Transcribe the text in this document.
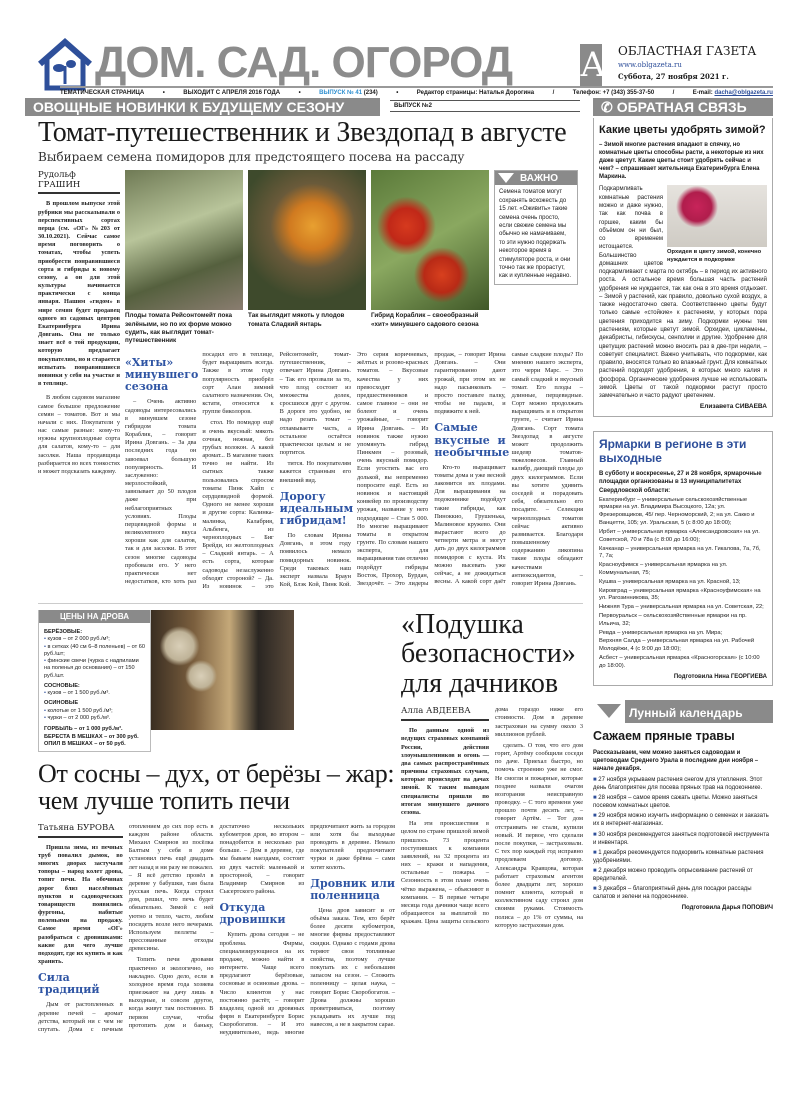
ДОМ. САД. ОГОРОД А ОБЛАСТНАЯ ГАЗЕТА
www.oblgazeta.ru
Суббота, 27 ноября 2021 г.
ТЕМАТИЧЕСКАЯ СТРАНИЦА	•	ВЫХОДИТ С АПРЕЛЯ 2016 ГОДА	•	ВЫПУСК № 41 (234)	•	Редактор страницы: Наталья Дорогина	/	Телефон: +7 (343) 355-37-50	/	E-mail: dacha@oblgazeta.ru
ОВОЩНЫЕ НОВИНКИ К БУДУЩЕМУ СЕЗОНУ	ВЫПУСК №2	✆ ОБРАТНАЯ СВЯЗЬ
Томат-путешественник и Звездопад в августе
Выбираем семена помидоров для предстоящего посева на рассаду
Рудольф ГРАШИН

В прошлом выпуске этой рубрики мы рассказывали о перспективных сортах перца (см. «ОГ» №203 от 30.10.2021). Сейчас самое время поговорить о томатах, чтобы успеть приобрести понравившиеся сорта и гибриды к новому сезону, а он для этой культуры начинается практически с конца января. Нашим «гидом» в мире семян будет продавец одного из садовых центров Екатеринбурга Ирина Довгань. Она не только знает всё о той продукции, которую предлагает покупателям, но и старается испытать понравившиеся новинки у себя на участке и в теплице.

В любом садовом магазине самое большое предложение семян – томатов. Вот и мы начали с них. Покупатели у нас самые разные: кому-то нужны крупноплодные сорта для салатов, кому-то – для засолки. Наша продавщица разбирается во всех тонкостях и может подсказать каждому.

Плоды томата Рейсонтомейт пока зелёными, но по их форме можно судить, как выглядит томат-путешественник
Так выглядит мякоть у плодов томата Сладкий янтарь
Гибрид Кораблик – своеобразный «хит» минувшего садового сезона
ВАЖНО
Семена томатов могут сохранять всхожесть до 15 лет. «Оживить» такие семена очень просто, если свежие семена мы обычно не намачиваем, то эти нужно подержать некоторое время в стимуляторе роста, и они точно так же прорастут, как и купленные недавно.
«Хиты» минувшего сезона

– Очень активно садоводы интересовались в минувшем сезоне гибридом томата Кораблик, – говорит Ирина Довгань. – За два последних года он завоевал большую популярность. И заслуженно: мерзлостойкий, завязывает до 50 плодов даже при неблагоприятных условиях. Плоды перцевидной формы и великолепного вкуса хороши как для салатов, так и для засолки. В этот сезон многие садоводы пробовали его. У него практически нет недостатков, кто хоть раз посадил его в теплице, будет выращивать всегда. Также в этом году популярность приобрёл сорт Алан зимний салатного назначения. Он, кстати, относится к группе биколоров.

стол. Но помидор ещё и очень вкусный: мякоть сочная, нежная, без грубых волокон. А какой аромат... В магазине таких точно не найти. Из сытных также пользовались спросом томаты Пинк Хайп с сердцевидной формой. Одного не менее хороши и другие сорта: Калинка-малинка, Калабрия, Альбенга, из черноплодных – Биг Брейди, из желтоплодных – Сладкий янтарь. – А есть сорта, которые садоводы незаслуженно обходят стороной? – Да. Из новинок – это Рейсонтомейт, томат-путешественник, – отвечает Ирина Довгань. – Так его прозвали за то, что плод состоит из множества долек, сросшихся друг с другом. В дороге это удобно, не надо резать томат – отламываете часть, а остальное остаётся практически целым и не портится.

тится. Но покупателям кажется странным его внешний вид.

Дорогу идеальным гибридам!

По словам Ирины Довгань, в этом году появилось немало помидорных новинок. Среди таковых наш эксперт назвала Браун Кой, Блэк Кой, Пинк Кой. Это серия коричневых, жёлтых и розово-красных томатов. – Вкусовые качества у них превосходят предшественников и самое главное – они не болеют и очень урожайные, – говорит Ирина Довгань. – Из новинок также нужно упомянуть гибрид Пинкмен – розовый, очень вкусный помидор. Если угостить вас его долькой, вы непременно попросите ещё. Есть из новинок и настоящий конвейер по производству урожая, название у него подходящее – Стан 5 000. Но многие выращивают томаты в открытом грунте. По словам нашего эксперта, для выращивания там отлично подойдут гибриды Восток, Прохор, Бурдан, Звездочёт. – Это лидеры продаж, – говорит Ирина Довгань. – Они гарантированно дают урожай, при этом их не надо пасынковать – просто поставьте палку, чтобы не падали, и подвяжите к ней.

Самые вкусные и необычные

Кто-то выращивает томаты дома и уже весной лакомится их плодами. Для выращивания на подоконнике подойдут такие гибриды, как Пиноккио, Грушенька, Малиновое кружево. Они вырастают всего до четверти метра и могут дать до двух килограммов помидоров с куста. Их можно высевать уже сейчас, а не дожидаться весны. А какой сорт даёт самые сладкие плоды? По мнению нашего эксперта, это черри Марс. – Это самый сладкий и вкусный томат. Его плоды – длинные, перцевидные. Сорт можно продолжать выращивать и в открытом грунте, – считает Ирина Довгань. Сорт томата Звездопад в августе может продолжить шедевр томатов-тяжеловесов. Главный калибр, дающий плоды до двух килограммов. Если вы хотите удивить соседей и порадовать себя, обязательно его посадите. – Селекция черноплодных томатов сейчас активно развивается. Благодаря повышенному содержанию ликопина такие плоды обладают качествами антиоксидантов, – говорит Ирина Довгань.

ЦЕНЫ НА ДРОВА
БЕРЁЗОВЫЕ:
• кузов – от 2 000 руб./м³;
• в сетках (40 см 6–8 поленьев) – от 60 руб./шт;
• финские свечи (чурка с надпилами на поленья до основания) – от 150 руб./шт.
СОСНОВЫЕ:
• кузов – от 1 500 руб./м³.
ОСИНОВЫЕ
• колотые от 1 500 руб./м³;
• чурки – от 2 000 руб./м³.
ГОРБЫЛЬ – от 1 000 руб./м³.
БЕРЕСТА В МЕШКАХ – от 300 руб.
ОПИЛ В МЕШКАХ – от 50 руб.
От сосны – дух, от берёзы – жар: чем лучше топить печи
Татьяна БУРОВА

Пришла зима, из печных труб повалил дымок, во многих дворах застучали топоры – народ колет дрова, топит печи. На обочинах дорог близ населённых пунктов и садоводческих товариществ появились фургоны, набитые поленьями на продажу. Самое время «ОГ» разобраться с дровишками: какие для чего лучше подходят, где их купить и как хранить.

Сила традиций

Дым от растопленных в деревне печей – аромат детства, который ни с чем не спутать. Дома с печным отоплением до сих пор есть в каждом районе области. Михаил Смирнов из посёлка Балтым у себя в доме установил печь ещё двадцать лет назад и ни разу не пожалел. – Я всё детство провёл в деревне у бабушки, там была русская печь. Когда строил дом, решил, что печь будет обязательно. Зимой с ней уютно и тепло, часто, любим посидеть возле него вечерами. Используем пеллеты – прессованные отходы древесины.

Топить печи дровами практично и экологично, но накладно. Одно дело, если в холодное время года хозяева приезжают на дачу лишь в выходные, и совсем другое, когда живут там постоянно. В первом случае, чтобы протопить дом и баньку, достаточно нескольких кубометров дров, во втором – понадобится в несколько раз больше. – Дом в деревне, где мы бываем наездами, состоит из двух частей: маленькой и просторной, – говорит Владимир Смирнов из Сысертского района.

Откуда дровишки

Купить дрова сегодня – не проблема. Фирмы, специализирующиеся на их продаже, можно найти в интернете. Чаще всего предлагают берёзовые, сосновые и осиновые дрова. – Число клиентов у нас постоянно растёт, – говорит владелец одной из дровяных фирм в Екатеринбурге Борис Скоробогатов. – И это неудивительно, ведь многие предпочитают жить за городом или хотя бы выходные проводить в деревне. Немало покупателей предпочитают чурки и даже брёвна – сами хотят колоть.

Дровник или поленница

Цена дров зависит и от объёма заказа. Тем, кто берёт более десяти кубометров, многие фирмы предоставляют скидки. Однако с годами дрова теряют свои топливные свойства, поэтому лучше покупать их с небольшим запасом на сезон. – Сложить поленницу – целая наука, – говорит Борис Скоробогатов. – Дрова должны хорошо проветриваться, поэтому укладывать их лучше под навесом, а не в закрытом сарае.

«Подушка безопасности» для дачников
Алла АВДЕЕВА

По данным одной из ведущих страховых компаний России, действия злоумышленников и огонь — два самых распространённых причины страховых случаев, которые происходят на дачах зимой. К таким выводам специалисты пришли по итогам минувшего дачного сезона.

На эти происшествия в целом по стране пришлой зимой пришлось 73 процента поступивших к компании заявлений, на 32 процента из них – кражи и нападения, остальные – пожары. – Сезонность в этом плане очень чётко выражена, – объясняют в компании. – В первые четыре месяца года дачники чаще всего обращаются за выплатой по кражам. Цена защиты сельского дома гораздо ниже его стоимости. Дом в деревне застрахован на сумму около 3 миллионов рублей.

сделать. О том, что его дом горит, Артёму сообщили соседи по даче. Приехал быстро, но помочь строению уже не смог. Не смогли и пожарные, которые позднее назвали очагом возгорания неисправную проводку. – С того времени уже прошло почти десять лет, – говорит Артём. – Тот дом отстраивать не стали, купили новый. И первое, что сделали после покупки, – застраховали. С тех пор каждый год исправно продлеваем договор. Александра Кравцова, которая работает страховым агентом более двадцати лет, хорошо помнит клиента, который в коллективном саду строил дом своими руками. Стоимость полиса – до 1% от суммы, на которую застрахован дом.

Какие цветы удобрять зимой?
– Зимой многие растения впадают в спячку, но комнатные цветы способны расти, а некоторые из них даже цветут. Какие цветы стоит удобрять сейчас и чем? – спрашивает жительница Екатеринбурга Елена Маркина.
Орхидея в цвету зимой, конечно нуждается в подкормке
Подкармливать комнатные растения можно и даже нужно, так как почва в горшке, каким бы объёмом он ни был, со временем истощается. Большинство домашних цветов подкармливают с марта по октябрь – в период их активного роста. А остальное время большая часть растений удобрения не нуждается, так как она в это время отдыхает. – Зимой у растений, как правило, довольно сухой воздух, а также недостаточно света. Соответственно цветы будут только самые «стойкие» к растениям, у которых пора цветения приходится на зиму. Подкормки нужны тем растениям, которые цветут зимой. Орхидеи, цикламены, декабристы, гибискусы, сенполии и другие. Удобрение для цветущих растений можно вносить раз в две-три недели, – советует специалист. Важно учитывать, что подкормки, как правило, вносятся только во влажный грунт. Для комнатных растений подходят удобрения, в которых много калия и фосфора. Органические удобрения лучше не использовать зимой. Цветы от такой подкормки растут просто замечательно и часто радуют цветением.
Елизавета СИВАЕВА
Ярмарки в регионе в эти выходные
В субботу и воскресенье, 27 и 28 ноября, ярмарочные площадки организованы в 13 муниципалитетах Свердловской области:
Екатеринбург – универсальные сельскохозяйственные ярмарки на ул. Владимира Высоцкого, 12а; ул. Фрезеровщиков, 45/ пер. Черноморский, 2; на ул. Сакко и Ванцетти, 105; ул. Уральская, 5 (с 8:00 до 18:00);
Ирбит – универсальная ярмарка «Александровская» на ул. Советской, 70 и 78а (с 8:00 до 16:00);
Качканар – универсальная ярмарка на ул. Гикалова, 7а, 7б, 7, 7а;
Красноуфимск – универсальная ярмарка на ул. Коммунальная, 75;
Кушва – универсальная ярмарка на ул. Красной, 13;
Кировград – универсальная ярмарка «Красноуфимская» на ул. Рагозинникова, 35;
Нижняя Тура – универсальная ярмарка на ул. Советская, 22;
Первоуральск – сельскохозяйственные ярмарки на пр. Ильича, 32;
Ревда – универсальная ярмарка на ул. Мира;
Верхняя Салда – универсальная ярмарка на ул. Рабочей Молодёжи, 4 (с 9:00 до 18:00);
Асбест – универсальная ярмарка «Красногорская» (с 10:00 до 18:00).
Подготовила Нина ГЕОРГИЕВА
Лунный календарь
Сажаем пряные травы
Рассказываем, чем можно заняться садоводам и цветоводам Среднего Урала в последние дни ноября – начале декабря.
■ 27 ноября укрываем растения снегом для утепления. Этот день благоприятен для посева пряных трав на подоконнике.
■ 28 ноября – самое время сажать цветы. Можно заняться посевом комнатных цветов.
■ 29 ноября можно изучить информацию о семенах и заказать их в интернет-магазинах.
■ 30 ноября рекомендуется заняться подготовкой инструмента и инвентаря.
■ 1 декабря рекомендуется подкормить комнатные растения удобрениями.
■ 2 декабря можно проводить опрыскивание растений от вредителей.
■ 3 декабря – благоприятный день для посадки рассады салатов и зелени на подоконнике.
Подготовила Дарья ПОПОВИЧ
